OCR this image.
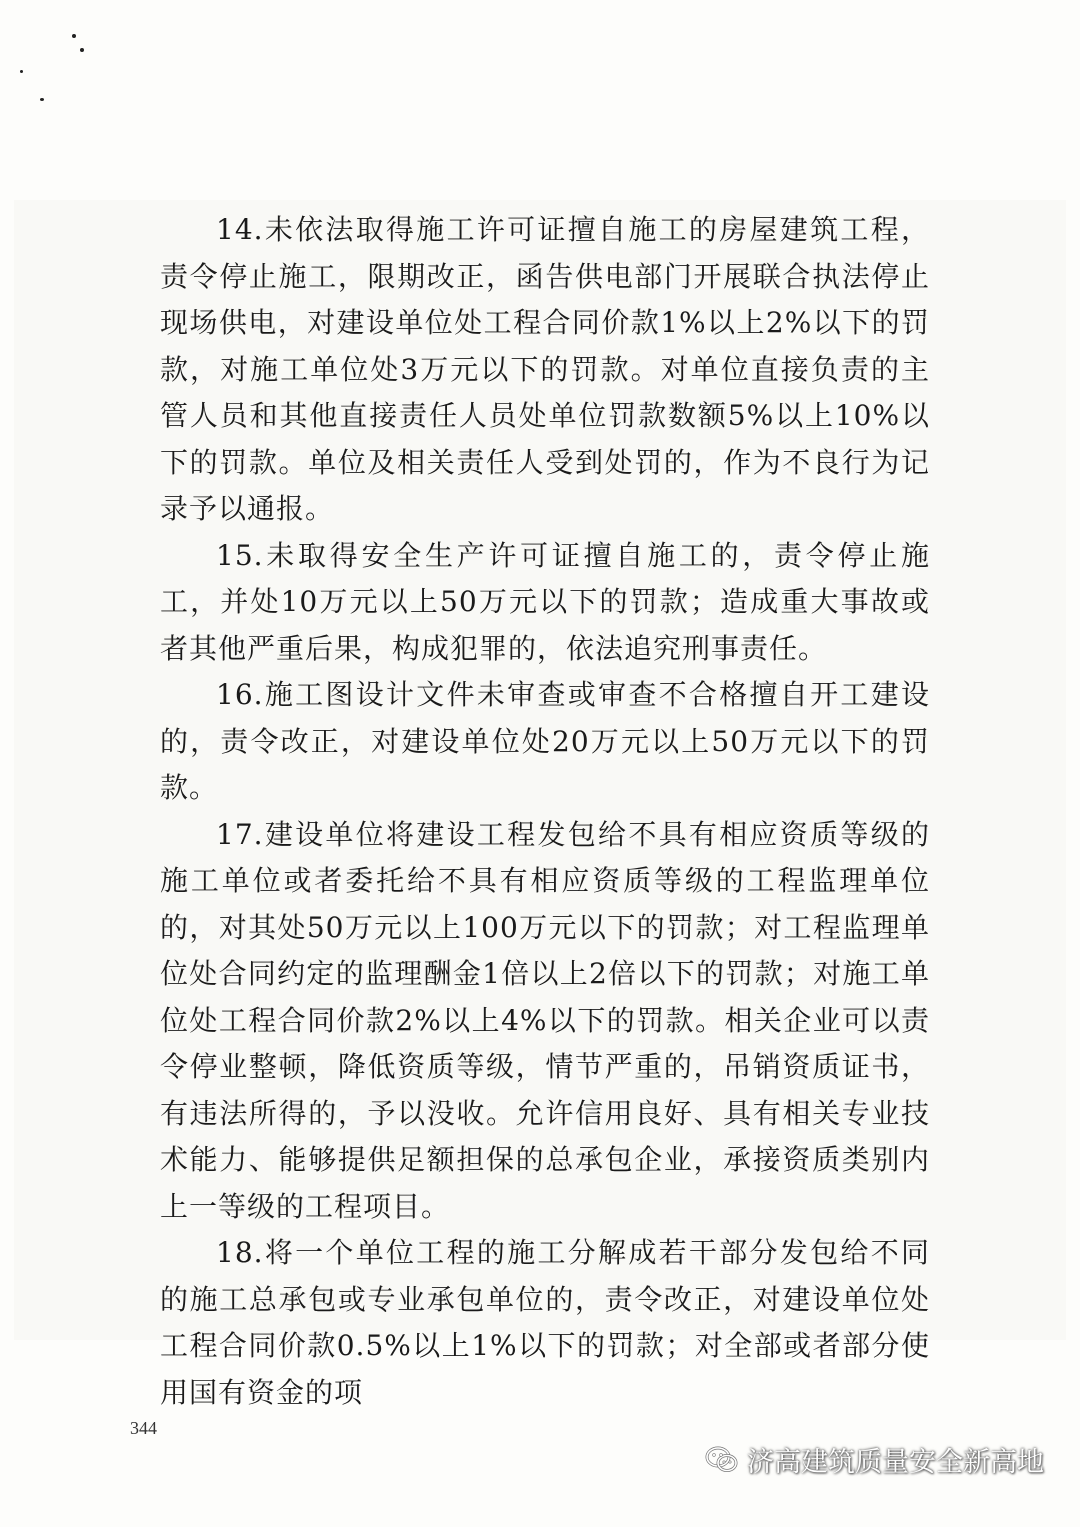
14.未依法取得施工许可证擅自施工的房屋建筑工程，责令停止施工，限期改正，函告供电部门开展联合执法停止现场供电，对建设单位处工程合同价款1%以上2%以下的罚款，对施工单位处3万元以下的罚款。对单位直接负责的主管人员和其他直接责任人员处单位罚款数额5%以上10%以下的罚款。单位及相关责任人受到处罚的，作为不良行为记录予以通报。

15.未取得安全生产许可证擅自施工的，责令停止施工，并处10万元以上50万元以下的罚款；造成重大事故或者其他严重后果，构成犯罪的，依法追究刑事责任。

16.施工图设计文件未审查或审查不合格擅自开工建设的，责令改正，对建设单位处20万元以上50万元以下的罚款。

17.建设单位将建设工程发包给不具有相应资质等级的施工单位或者委托给不具有相应资质等级的工程监理单位的，对其处50万元以上100万元以下的罚款；对工程监理单位处合同约定的监理酬金1倍以上2倍以下的罚款；对施工单位处工程合同价款2%以上4%以下的罚款。相关企业可以责令停业整顿，降低资质等级，情节严重的，吊销资质证书，有违法所得的，予以没收。允许信用良好、具有相关专业技术能力、能够提供足额担保的总承包企业，承接资质类别内上一等级的工程项目。

18.将一个单位工程的施工分解成若干部分发包给不同的施工总承包或专业承包单位的，责令改正，对建设单位处工程合同价款0.5%以上1%以下的罚款；对全部或者部分使用国有资金的项

344
济高建筑质量安全新高地
